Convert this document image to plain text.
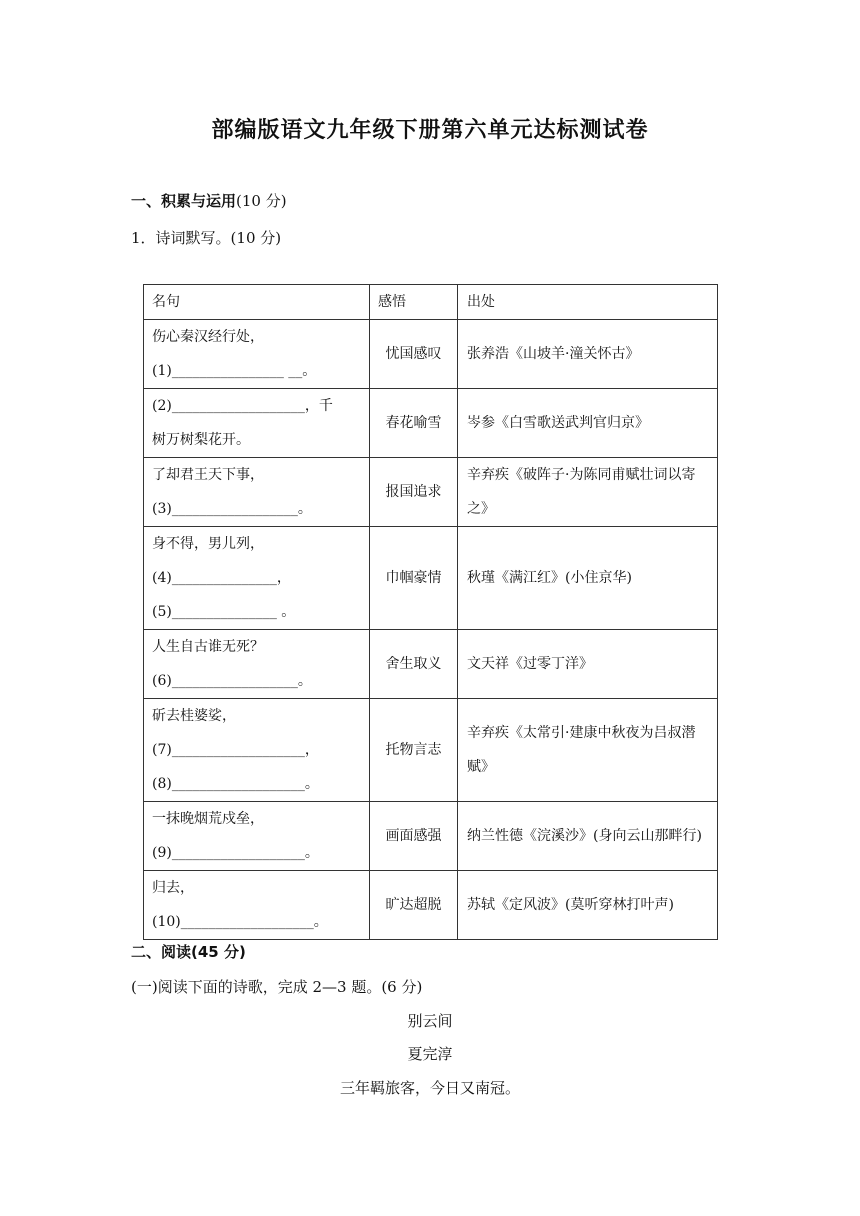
部编版语文九年级下册第六单元达标测试卷
一、积累与运用(10 分)
1．诗词默写。(10 分)
名句	感悟	出处

伤心秦汉经行处，
(1)________________ __。	忧国感叹	张养浩《山坡羊·潼关怀古》

(2)___________________，千
树万树梨花开。	春花喻雪	岑参《白雪歌送武判官归京》

了却君王天下事，
(3)__________________。	报国追求	辛弃疾《破阵子·为陈同甫赋壮词以寄之》

身不得，男儿列，
(4)_______________，
(5)_______________ 。	巾帼豪情	秋瑾《满江红》(小住京华)

人生自古谁无死？
(6)__________________。	舍生取义	文天祥《过零丁洋》

斫去桂婆娑，
(7)___________________，
(8)___________________。	托物言志	辛弃疾《太常引·建康中秋夜为吕叔潜赋》

一抹晚烟荒戍垒，
(9)___________________。	画面感强	纳兰性德《浣溪沙》(身向云山那畔行)

归去，
(10)___________________。	旷达超脱	苏轼《定风波》(莫听穿林打叶声)
二、阅读(45 分)
(一)阅读下面的诗歌，完成 2—3 题。(6 分)
别云间
夏完淳
三年羁旅客，今日又南冠。
